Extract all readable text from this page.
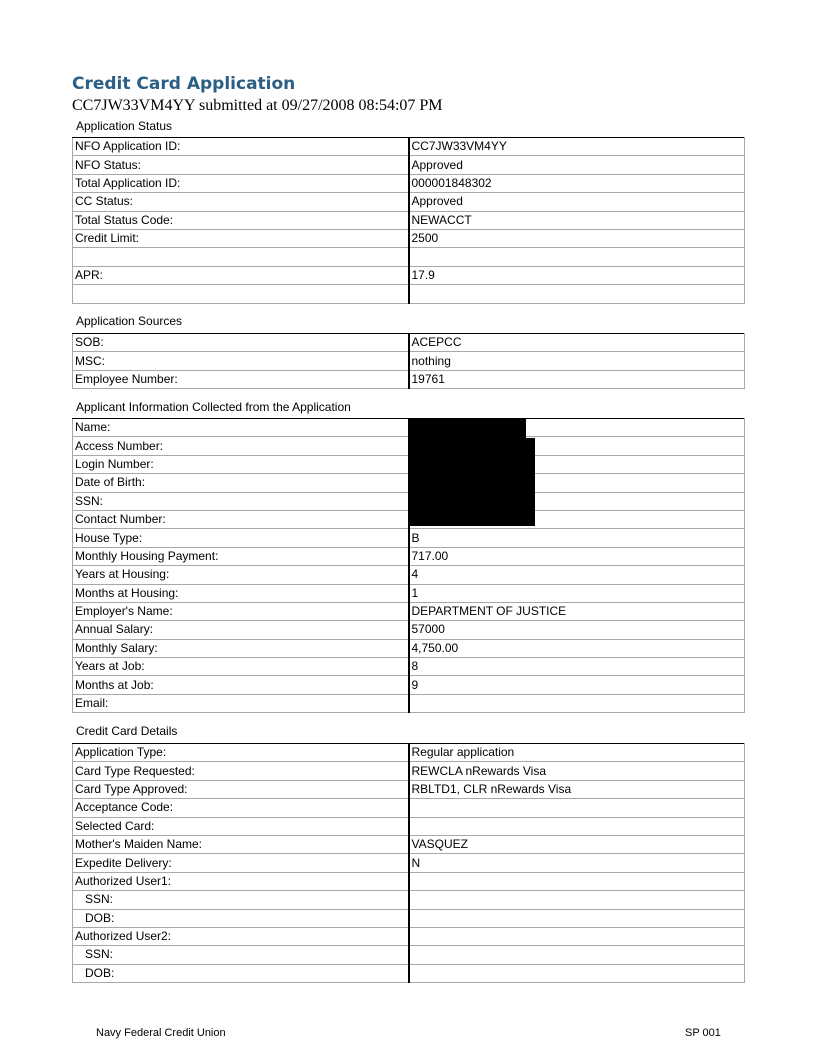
Credit Card Application
CC7JW33VM4YY submitted at 09/27/2008 08:54:07 PM
Application Status
NFO Application ID:	CC7JW33VM4YY
NFO Status:	Approved
Total Application ID:	000001848302
CC Status:	Approved
Total Status Code:	NEWACCT
Credit Limit:	2500

APR:	17.9

Application Sources
SOB:	ACEPCC
MSC:	nothing
Employee Number:	19761
Applicant Information Collected from the Application
Name:	
Access Number:	
Login Number:	
Date of Birth:	
SSN:	
Contact Number:	
House Type:	B
Monthly Housing Payment:	717.00
Years at Housing:	4
Months at Housing:	1
Employer's Name:	DEPARTMENT OF JUSTICE
Annual Salary:	57000
Monthly Salary:	4,750.00
Years at Job:	8
Months at Job:	9
Email:	
Credit Card Details
Application Type:	Regular application
Card Type Requested:	REWCLA nRewards Visa
Card Type Approved:	RBLTD1, CLR nRewards Visa
Acceptance Code:	
Selected Card:	
Mother's Maiden Name:	VASQUEZ
Expedite Delivery:	N
Authorized User1:	
SSN:	
DOB:	
Authorized User2:	
SSN:	
DOB:	
Navy Federal Credit Union	SP 001
